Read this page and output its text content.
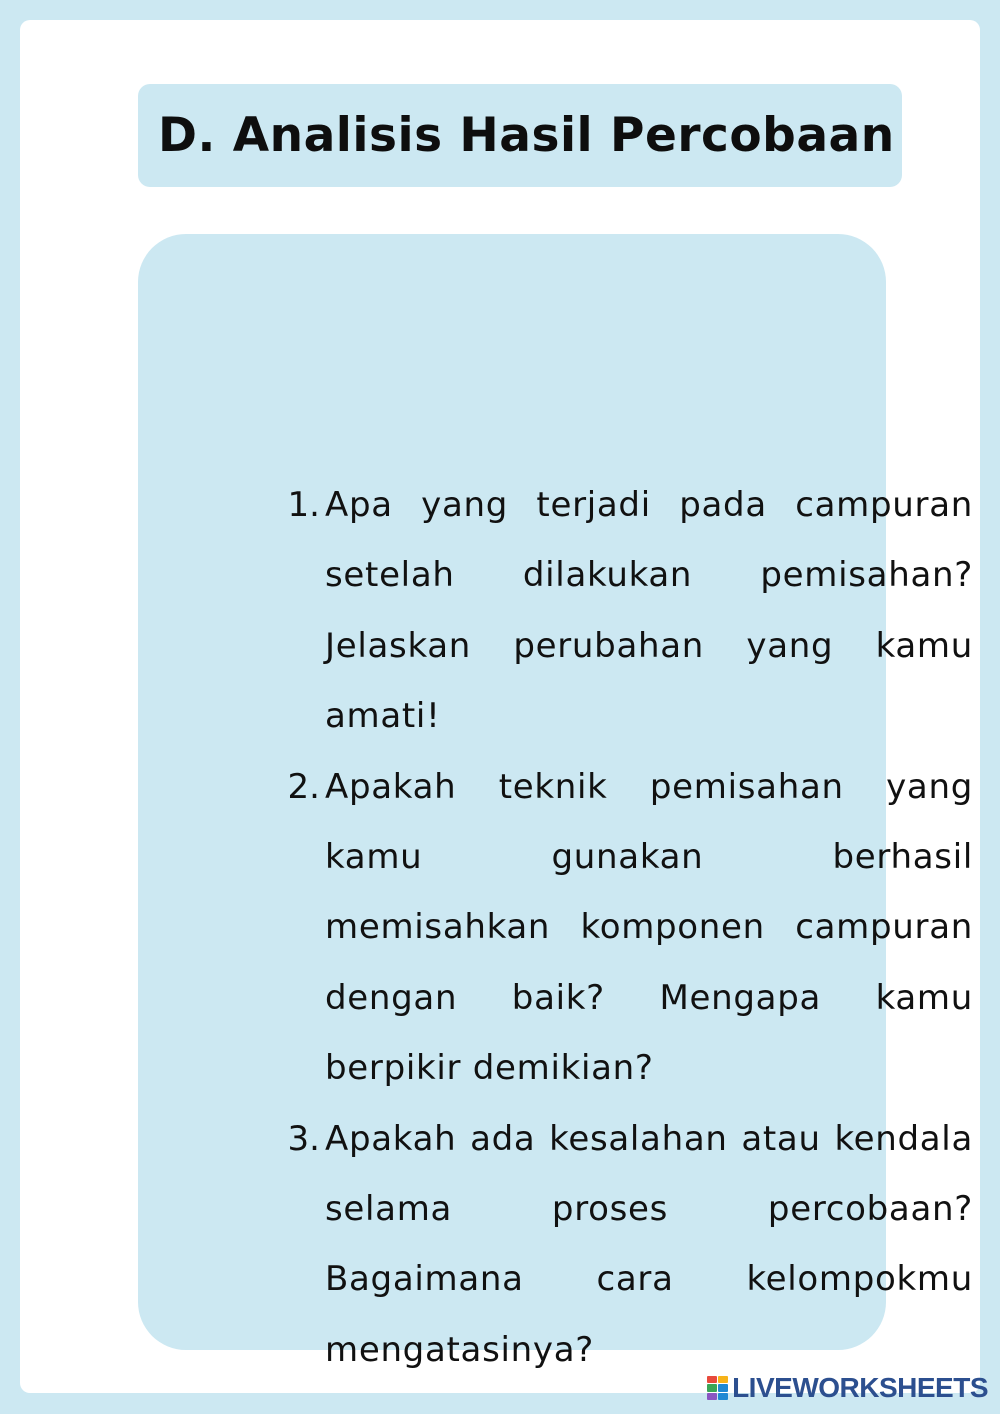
D. Analisis Hasil Percobaan
1. Apa yang terjadi pada campuran setelah dilakukan pemisahan? Jelaskan perubahan yang kamu amati!
2. Apakah teknik pemisahan yang kamu gunakan berhasil memisahkan komponen campuran dengan baik? Mengapa kamu berpikir demikian?
3. Apakah ada kesalahan atau kendala selama proses percobaan? Bagaimana cara kelompokmu mengatasinya?
LIVEWORKSHEETS
